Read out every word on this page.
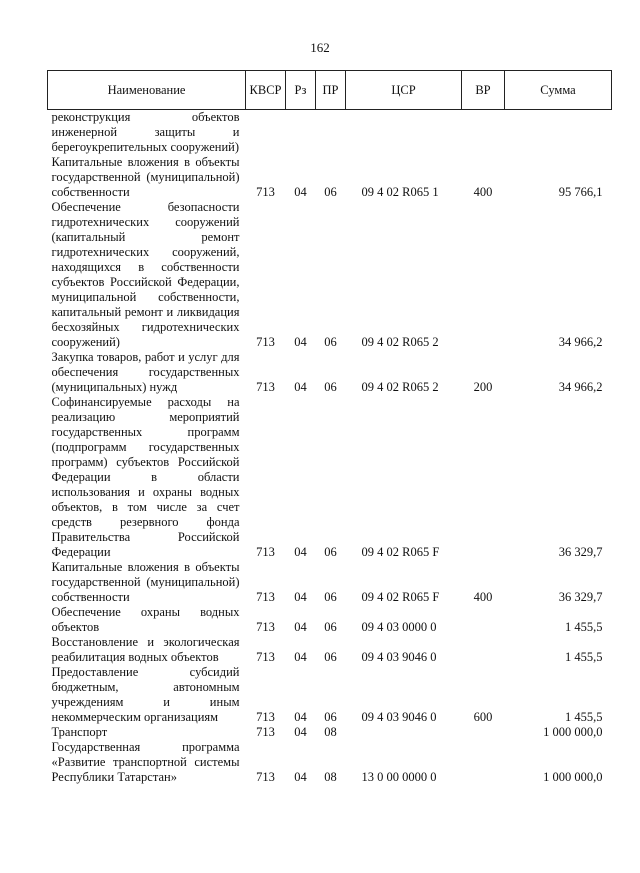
162
Наименование	КВСР	Рз	ПР	ЦСР	ВР	Сумма
реконструкция объектов инженерной защиты и берегоукрепительных сооружений)						
Капитальные вложения в объекты государственной (муниципальной) собственности	713	04	06	09 4 02 R065 1	400	95 766,1
Обеспечение безопасности гидротехнических сооружений (капитальный ремонт гидротехнических сооружений, находящихся в собственности субъектов Российской Федерации, муниципальной собственности, капитальный ремонт и ликвидация бесхозяйных гидротехнических сооружений)	713	04	06	09 4 02 R065 2		34 966,2
Закупка товаров, работ и услуг для обеспечения государственных (муниципальных) нужд	713	04	06	09 4 02 R065 2	200	34 966,2
Софинансируемые расходы на реализацию мероприятий государственных программ (подпрограмм государственных программ) субъектов Российской Федерации в области использования и охраны водных объектов, в том числе за счет средств резервного фонда Правительства Российской Федерации	713	04	06	09 4 02 R065 F		36 329,7
Капитальные вложения в объекты государственной (муниципальной) собственности	713	04	06	09 4 02 R065 F	400	36 329,7
Обеспечение охраны водных объектов	713	04	06	09 4 03 0000 0		1 455,5
Восстановление и экологическая реабилитация водных объектов	713	04	06	09 4 03 9046 0		1 455,5
Предоставление субсидий бюджетным, автономным учреждениям и иным некоммерческим организациям	713	04	06	09 4 03 9046 0	600	1 455,5
Транспорт	713	04	08			1 000 000,0
Государственная программа «Развитие транспортной системы Республики Татарстан»	713	04	08	13 0 00 0000 0		1 000 000,0
